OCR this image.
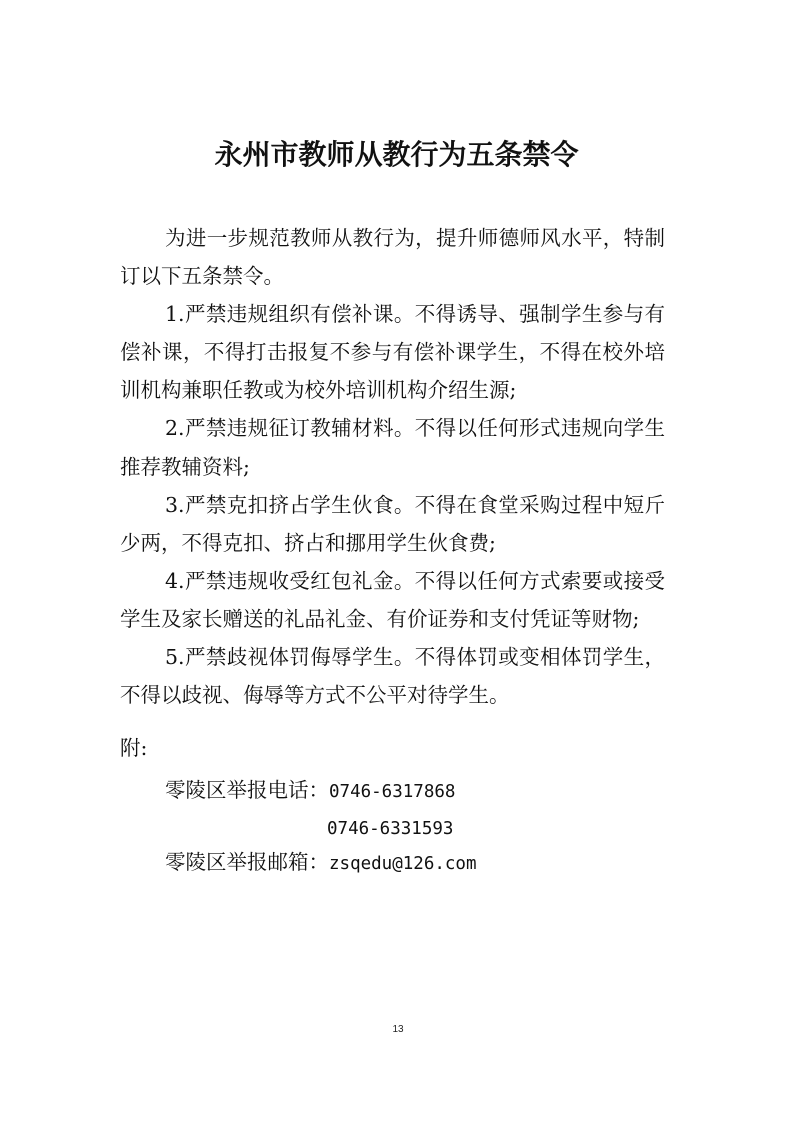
永州市教师从教行为五条禁令
为进一步规范教师从教行为，提升师德师风水平，特制
订以下五条禁令。
1.严禁违规组织有偿补课。不得诱导、强制学生参与有
偿补课，不得打击报复不参与有偿补课学生，不得在校外培
训机构兼职任教或为校外培训机构介绍生源;
2.严禁违规征订教辅材料。不得以任何形式违规向学生
推荐教辅资料;
3.严禁克扣挤占学生伙食。不得在食堂采购过程中短斤
少两，不得克扣、挤占和挪用学生伙食费;
4.严禁违规收受红包礼金。不得以任何方式索要或接受
学生及家长赠送的礼品礼金、有价证券和支付凭证等财物;
5.严禁歧视体罚侮辱学生。不得体罚或变相体罚学生，
不得以歧视、侮辱等方式不公平对待学生。
附:
零陵区举报电话：0746-6317868
0746-6331593
零陵区举报邮箱：zsqedu@126.com
13
